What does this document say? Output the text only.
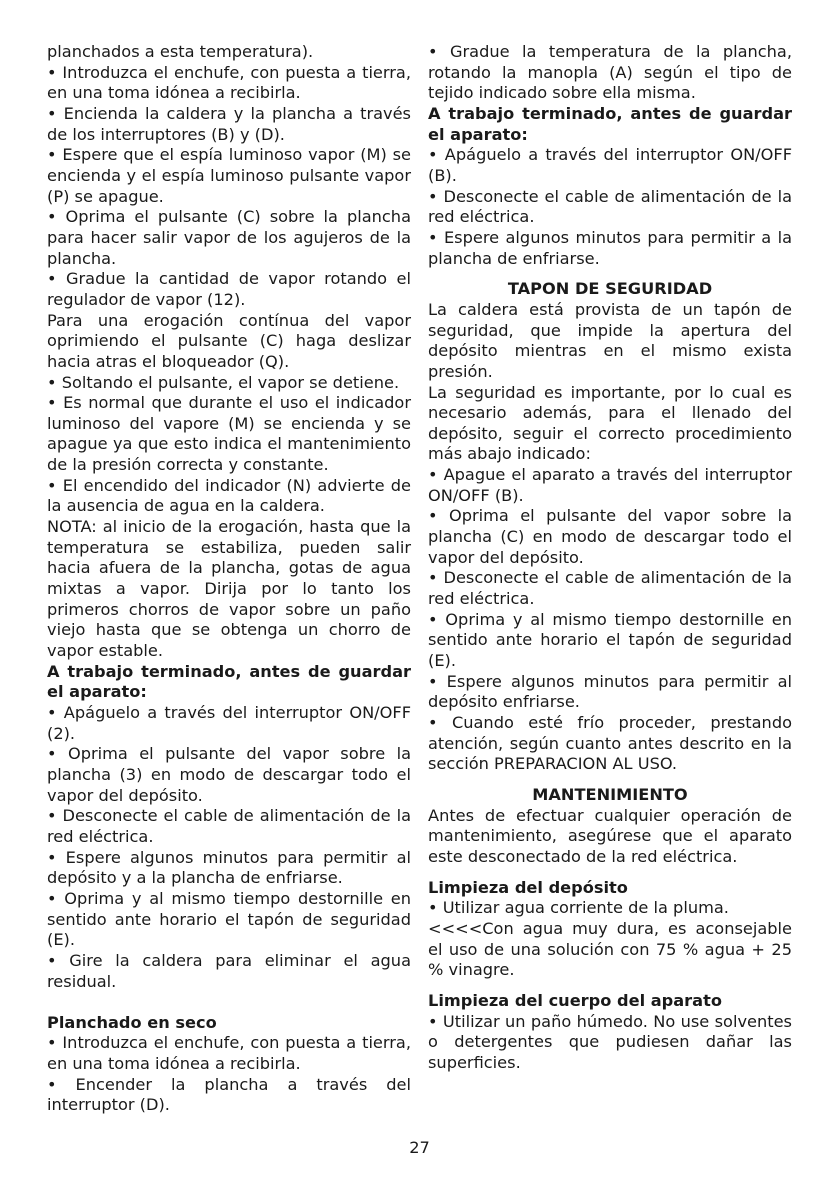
planchados a esta temperatura).

• Introduzca el enchufe, con puesta a tierra, en una toma idónea a recibirla.

• Encienda la caldera y la plancha a través de los interruptores (B) y (D).

• Espere que el espía luminoso vapor (M) se encienda y el espía luminoso pulsante vapor (P) se apague.

• Oprima el pulsante (C) sobre la plancha para hacer salir vapor de los agujeros de la plancha.

• Gradue la cantidad de vapor rotando el regulador de vapor (12).

Para una erogación contínua del vapor oprimiendo el pulsante (C) haga deslizar hacia atras el bloqueador (Q).

• Soltando el pulsante, el vapor se detiene.

• Es normal que durante el uso el indicador luminoso del vapore (M) se encienda y se apague ya que esto indica el mantenimiento de la presión correcta y constante.

• El encendido del indicador (N) advierte de la ausencia de agua en la caldera.

NOTA: al inicio de la erogación, hasta que la temperatura se estabiliza, pueden salir hacia afuera de la plancha, gotas de agua mixtas a vapor. Dirija por lo tanto los primeros chorros de vapor sobre un paño viejo hasta que se obtenga un chorro de vapor estable.

A trabajo terminado, antes de guardar el aparato:

• Apáguelo a través del interruptor ON/OFF (2).

• Oprima el pulsante del vapor sobre la plancha (3) en modo de descargar todo el vapor del depósito.

• Desconecte el cable de alimentación de la red eléctrica.

• Espere algunos minutos para permitir al depósito y a la plancha de enfriarse.

• Oprima y al mismo tiempo destornille en sentido ante horario el tapón de seguridad (E).

• Gire la caldera para eliminar el agua residual.

Planchado en seco

• Introduzca el enchufe, con puesta a tierra, en una toma idónea a recibirla.

• Encender la plancha a través del interruptor (D).

• Gradue la temperatura de la plancha, rotando la manopla (A) según el tipo de tejido indicado sobre ella misma.

A trabajo terminado, antes de guardar el aparato:

• Apáguelo a través del interruptor ON/OFF (B).

• Desconecte el cable de alimentación de la red eléctrica.

• Espere algunos minutos para permitir a la plancha de enfriarse.

TAPON DE SEGURIDAD

La caldera está provista de un tapón de seguridad, que impide la apertura del depósito mientras en el mismo exista presión.

La seguridad es importante, por lo cual es necesario además, para el llenado del depósito, seguir el correcto procedimiento más abajo indicado:

• Apague el aparato a través del interruptor ON/OFF (B).

• Oprima el pulsante del vapor sobre la plancha (C) en modo de descargar todo el vapor del depósito.

• Desconecte el cable de alimentación de la red eléctrica.

• Oprima y al mismo tiempo destornille en sentido ante horario el tapón de seguridad (E).

• Espere algunos minutos para permitir al depósito enfriarse.

• Cuando esté frío proceder, prestando atención, según cuanto antes descrito en la sección PREPARACION AL USO.

MANTENIMIENTO

Antes de efectuar cualquier operación de mantenimiento, asegúrese que el aparato este desconectado de la red eléctrica.

Limpieza del depósito

• Utilizar agua corriente de la pluma.

<<<<Con agua muy dura, es aconsejable el uso de una solución con 75 % agua + 25 % vinagre.

Limpieza del cuerpo del aparato

• Utilizar un paño húmedo. No use solventes o detergentes que pudiesen dañar las superficies.

27
